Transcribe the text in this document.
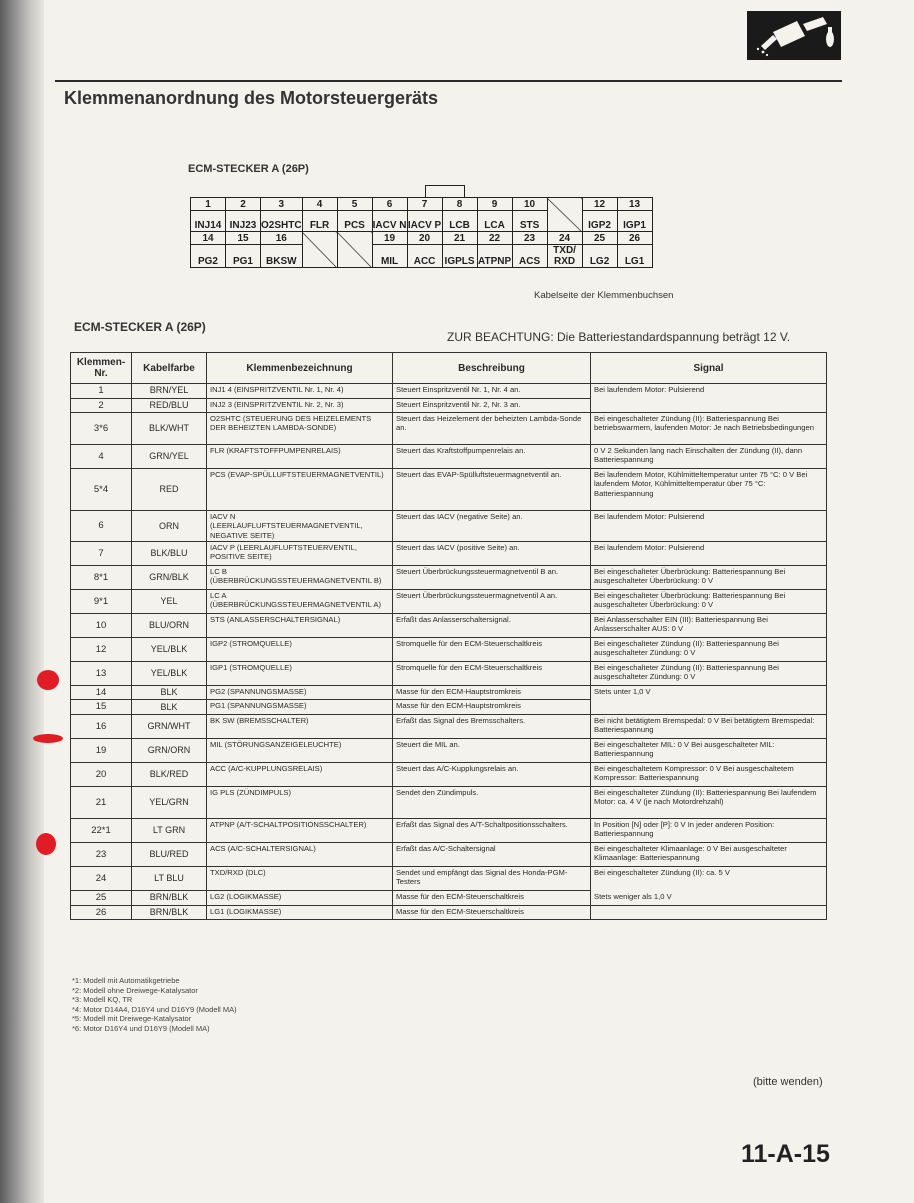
Klemmenanordnung des Motorsteuergeräts
ECM-STECKER A (26P)
1	2	3	4	5	6	7	8	9	10		12	13
INJ14	INJ23	O2SHTC	FLR	PCS	IACV N	IACV P	LCB	LCA	STS		IGP2	IGP1
14	15	16			19	20	21	22	23	24	25	26
PG2	PG1	BKSW			MIL	ACC	IGPLS	ATPNP	ACS	TXD/ RXD	LG2	LG1
Kabelseite der Klemmenbuchsen
ECM-STECKER A (26P)
ZUR BEACHTUNG: Die Batteriestandardspannung beträgt 12 V.
Klemmen- Nr.	Kabelfarbe	Klemmenbezeichnung	Beschreibung	Signal
1	BRN/YEL	INJ1 4 (EINSPRITZVENTIL Nr. 1, Nr. 4)	Steuert Einspritzventil Nr. 1, Nr. 4 an.	Bei laufendem Motor: Pulsierend
2	RED/BLU	INJ2 3 (EINSPRITZVENTIL Nr. 2, Nr. 3)	Steuert Einspritzventil Nr. 2, Nr. 3 an.	
3*6	BLK/WHT	O2SHTC (STEUERUNG DES HEIZELEMENTS DER BEHEIZTEN LAMBDA-SONDE)	Steuert das Heizelement der beheizten Lambda-Sonde an.	Bei eingeschalteter Zündung (II): Batteriespannung Bei betriebswarmem, laufenden Motor: Je nach Betriebsbedingungen
4	GRN/YEL	FLR (KRAFTSTOFFPUMPENRELAIS)	Steuert das Kraftstoffpumpenrelais an.	0 V 2 Sekunden lang nach Einschalten der Zündung (II), dann Batteriespannung
5*4	RED	PCS (EVAP-SPÜLLUFTSTEUERMAGNETVENTIL)	Steuert das EVAP-Spülluftsteuermagnetventil an.	Bei laufendem Motor, Kühlmitteltemperatur unter 75 °C: 0 V Bei laufendem Motor, Kühlmitteltemperatur über 75 °C: Batteriespannung
6	ORN	IACV N (LEERLAUFLUFTSTEUERMAGNETVENTIL, NEGATIVE SEITE)	Steuert das IACV (negative Seite) an.	Bei laufendem Motor: Pulsierend
7	BLK/BLU	IACV P (LEERLAUFLUFTSTEUERVENTIL, POSITIVE SEITE)	Steuert das IACV (positive Seite) an.	Bei laufendem Motor: Pulsierend
8*1	GRN/BLK	LC B (ÜBERBRÜCKUNGSSTEUERMAGNETVENTIL B)	Steuert Überbrückungssteuermagnetventil B an.	Bei eingeschalteter Überbrückung: Batteriespannung Bei ausgeschalteter Überbrückung: 0 V
9*1	YEL	LC A (ÜBERBRÜCKUNGSSTEUERMAGNETVENTIL A)	Steuert Überbrückungssteuermagnetventil A an.	Bei eingeschalteter Überbrückung: Batteriespannung Bei ausgeschalteter Überbrückung: 0 V
10	BLU/ORN	STS (ANLASSERSCHALTERSIGNAL)	Erfaßt das Anlasserschaltersignal.	Bei Anlasserschalter EIN (III): Batteriespannung Bei Anlasserschalter AUS: 0 V
12	YEL/BLK	IGP2 (STROMQUELLE)	Stromquelle für den ECM-Steuerschaltkreis	Bei eingeschalteter Zündung (II): Batteriespannung Bei ausgeschalteter Zündung: 0 V
13	YEL/BLK	IGP1 (STROMQUELLE)	Stromquelle für den ECM-Steuerschaltkreis	Bei eingeschalteter Zündung (II): Batteriespannung Bei ausgeschalteter Zündung: 0 V
14	BLK	PG2 (SPANNUNGSMASSE)	Masse für den ECM-Hauptstromkreis	Stets unter 1,0 V
15	BLK	PG1 (SPANNUNGSMASSE)	Masse für den ECM-Hauptstromkreis	
16	GRN/WHT	BK SW (BREMSSCHALTER)	Erfaßt das Signal des Bremsschalters.	Bei nicht betätigtem Bremspedal: 0 V Bei betätigtem Bremspedal: Batteriespannung
19	GRN/ORN	MIL (STÖRUNGSANZEIGELEUCHTE)	Steuert die MIL an.	Bei eingeschalteter MIL: 0 V Bei ausgeschalteter MIL: Batteriespannung
20	BLK/RED	ACC (A/C-KUPPLUNGSRELAIS)	Steuert das A/C-Kupplungsrelais an.	Bei eingeschaltetem Kompressor: 0 V Bei ausgeschaltetem Kompressor: Batteriespannung
21	YEL/GRN	IG PLS (ZÜNDIMPULS)	Sendet den Zündimpuls.	Bei eingeschalteter Zündung (II): Batteriespannung Bei laufendem Motor: ca. 4 V (je nach Motordrehzahl)
22*1	LT GRN	ATPNP (A/T-SCHALTPOSITIONSSCHALTER)	Erfaßt das Signal des A/T-Schaltpositionsschalters.	In Position [N] oder [P]: 0 V In jeder anderen Position: Batteriespannung
23	BLU/RED	ACS (A/C-SCHALTERSIGNAL)	Erfaßt das A/C-Schaltersignal	Bei eingeschalteter Klimaanlage: 0 V Bei ausgeschalteter Klimaanlage: Batteriespannung
24	LT BLU	TXD/RXD (DLC)	Sendet und empfängt das Signal des Honda-PGM-Testers	Bei eingeschalteter Zündung (II): ca. 5 V
25	BRN/BLK	LG2 (LOGIKMASSE)	Masse für den ECM-Steuerschaltkreis	Stets weniger als 1,0 V
26	BRN/BLK	LG1 (LOGIKMASSE)	Masse für den ECM-Steuerschaltkreis	
*1: Modell mit Automatikgetriebe
*2: Modell ohne Dreiwege-Katalysator
*3: Modell KQ, TR
*4: Motor D14A4, D16Y4 und D16Y9 (Modell MA)
*5: Modell mit Dreiwege-Katalysator
*6: Motor D16Y4 und D16Y9 (Modell MA)
(bitte wenden)
11-A-15
